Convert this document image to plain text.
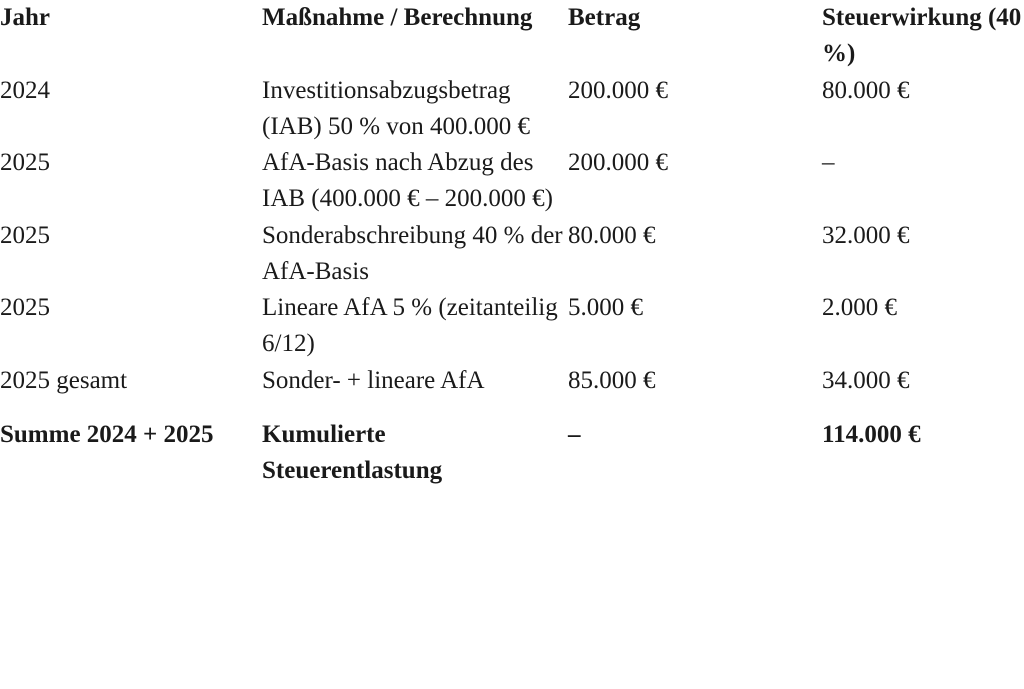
Jahr	Maßnahme / Berechnung	Betrag	Steuerwirkung (40 %)
2024	Investitionsabzugsbetrag (IAB) 50 % von 400.000 €	200.000 €	80.000 €
2025	AfA-Basis nach Abzug des IAB (400.000 € – 200.000 €)	200.000 €	–
2025	Sonderabschreibung 40 % der AfA-Basis	80.000 €	32.000 €
2025	Lineare AfA 5 % (zeitanteilig 6/12)	5.000 €	2.000 €
2025 gesamt	Sonder- + lineare AfA	85.000 €	34.000 €
Summe 2024 + 2025	Kumulierte Steuerentlastung	–	114.000 €
